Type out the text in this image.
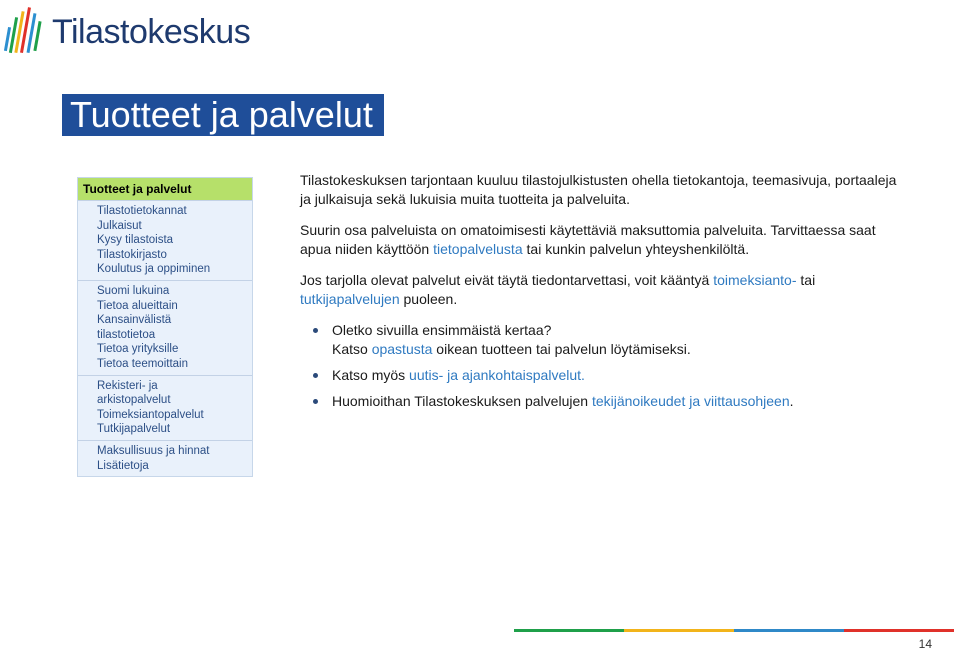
Tilastokeskus
Tuotteet ja palvelut
Tuotteet ja palvelut
Tilastotietokannat
Julkaisut
Kysy tilastoista
Tilastokirjasto
Koulutus ja oppiminen
Suomi lukuina
Tietoa alueittain
Kansainvälistä
tilastotietoa
Tietoa yrityksille
Tietoa teemoittain
Rekisteri- ja
arkistopalvelut
Toimeksiantopalvelut
Tutkijapalvelut
Maksullisuus ja hinnat
Lisätietoja

Tilastokeskuksen tarjontaan kuuluu tilastojulkistusten ohella tietokantoja, teemasivuja, portaaleja ja julkaisuja sekä lukuisia muita tuotteita ja palveluita.

Suurin osa palveluista on omatoimisesti käytettäviä maksuttomia palveluita. Tarvittaessa saat apua niiden käyttöön tietopalvelusta tai kunkin palvelun yhteyshenkilöltä.

Jos tarjolla olevat palvelut eivät täytä tiedontarvettasi, voit kääntyä toimeksianto- tai tutkijapalvelujen puoleen.

Oletko sivuilla ensimmäistä kertaa?
Katso opastusta oikean tuotteen tai palvelun löytämiseksi.
Katso myös uutis- ja ajankohtaispalvelut.
Huomioithan Tilastokeskuksen palvelujen tekijänoikeudet ja viittausohjeen.
14
